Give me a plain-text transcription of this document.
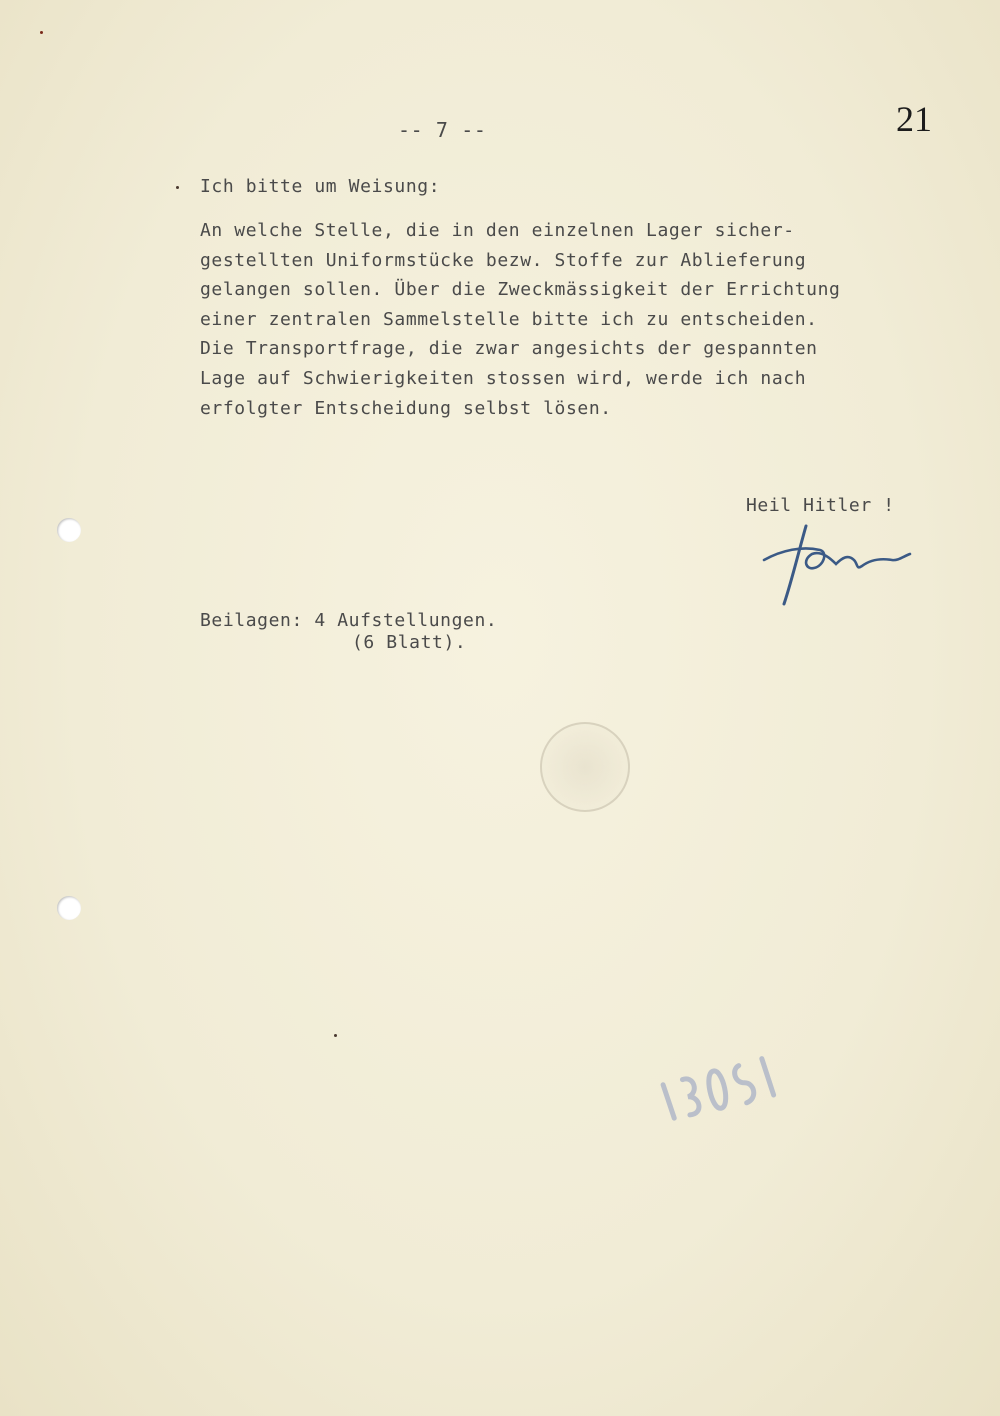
-- 7 --	21
Ich bitte um Weisung:
An welche Stelle, die in den einzelnen Lager sicher-
gestellten Uniformstücke bezw. Stoffe zur Ablieferung
gelangen sollen. Über die Zweckmässigkeit der Errichtung
einer zentralen Sammelstelle bitte ich zu entscheiden.
Die Transportfrage, die zwar angesichts der gespannten
Lage auf Schwierigkeiten stossen wird, werde ich nach
erfolgter Entscheidung selbst lösen.
Heil Hitler !
Beilagen: 4 Aufstellungen.
(6 Blatt).
